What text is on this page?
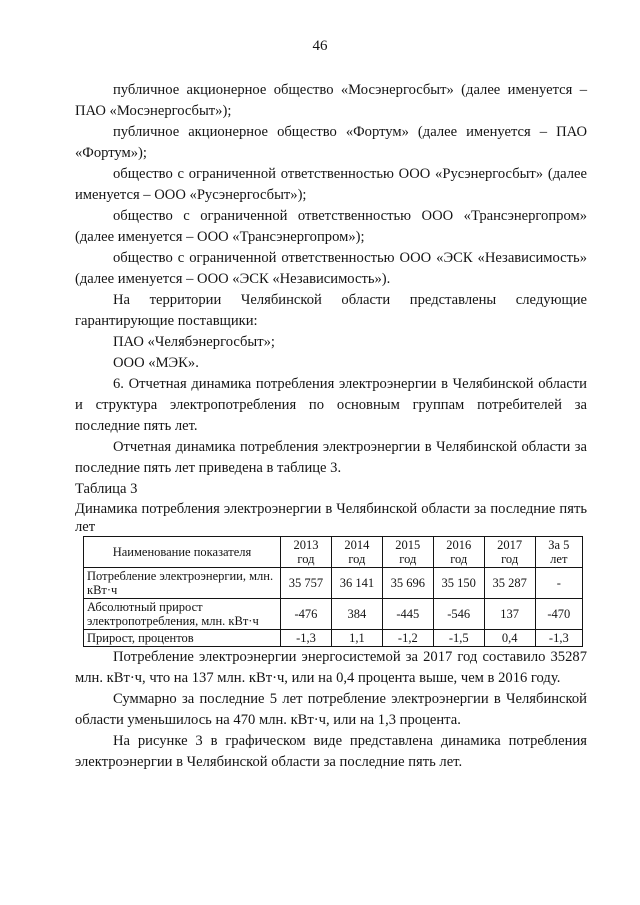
46

публичное акционерное общество «Мосэнергосбыт» (далее именуется – ПАО «Мосэнергосбыт»);

публичное акционерное общество «Фортум» (далее именуется – ПАО «Фортум»);

общество с ограниченной ответственностью ООО «Русэнергосбыт» (далее именуется – ООО «Русэнергосбыт»);

общество с ограниченной ответственностью ООО «Трансэнергопром» (далее именуется – ООО «Трансэнергопром»);

общество с ограниченной ответственностью ООО «ЭСК «Независимость» (далее именуется – ООО «ЭСК «Независимость»).

На территории Челябинской области представлены следующие гарантирующие поставщики:

ПАО «Челябэнергосбыт»;

ООО «МЭК».

6. Отчетная динамика потребления электроэнергии в Челябинской области и структура электропотребления по основным группам потребителей за последние пять лет.

Отчетная динамика потребления электроэнергии в Челябинской области за последние пять лет приведена в таблице 3.

Таблица 3

Динамика потребления электроэнергии в Челябинской области за последние пять лет

Наименование показателя	2013 год	2014 год	2015 год	2016 год	2017 год	За 5 лет
Потребление электроэнергии, млн. кВт·ч	35 757	36 141	35 696	35 150	35 287	-
Абсолютный прирост электропотребления, млн. кВт·ч	-476	384	-445	-546	137	-470
Прирост, процентов	-1,3	1,1	-1,2	-1,5	0,4	-1,3

Потребление электроэнергии энергосистемой за 2017 год составило 35287 млн. кВт·ч, что на 137 млн. кВт·ч, или на 0,4 процента выше, чем в 2016 году.

Суммарно за последние 5 лет потребление электроэнергии в Челябинской области уменьшилось на 470 млн. кВт·ч, или на 1,3 процента.

На рисунке 3 в графическом виде представлена динамика потребления электроэнергии в Челябинской области за последние пять лет.
